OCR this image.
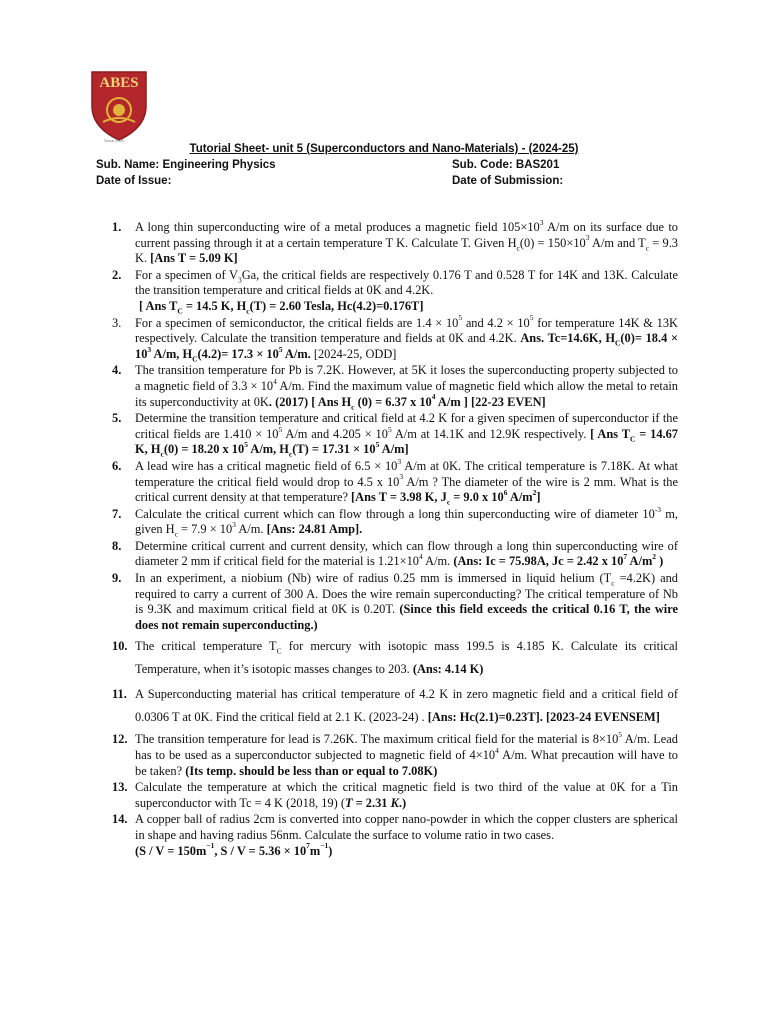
ABES
Since 2000
Tutorial Sheet- unit 5 (Superconductors and Nano-Materials) - (2024-25)
Sub. Name: Engineering Physics	Sub. Code: BAS201
Date of Issue:	Date of Submission:
1. A long thin superconducting wire of a metal produces a magnetic field $105\times 10^3$ A/m on its surface due to current passing through it at a certain temperature T K. Calculate T. Given $H_c(0) = 150\times 10^3$ A/m and $T_c = 9.3$ K. [Ans T = 5.09 K]
2. For a specimen of $V_3Ga$, the critical fields are respectively 0.176 T and 0.528 T for 14K and 13K. Calculate the transition temperature and critical fields at 0K and 4.2K.
[ Ans $T_C = 14.5$ K, $H_c(T) = 2.60$ Tesla, Hc(4.2)=0.176T]
3. For a specimen of semiconductor, the critical fields are $1.4 \times 10^5$ and $4.2 \times 10^5$ for temperature 14K & 13K respectively. Calculate the transition temperature and fields at 0K and 4.2K. Ans. Tc=14.6K, $H_C(0)= 18.4 \times 10^3$ A/m, $H_C(4.2)= 17.3 \times 10^5$ A/m. [2024-25, ODD]
4. The transition temperature for Pb is 7.2K. However, at 5K it loses the superconducting property subjected to a magnetic field of $3.3 \times 10^4$ A/m. Find the maximum value of magnetic field which allow the metal to retain its superconductivity at 0K. (2017) [ Ans $H_c$ (0) = 6.37 x $10^4$ A/m ] [22-23 EVEN]
5. Determine the transition temperature and critical field at 4.2 K for a given specimen of superconductor if the critical fields are $1.410 \times 10^5$ A/m and $4.205 \times 10^5$ A/m at 14.1K and 12.9K respectively. [ Ans $T_C = 14.67$ K, $H_c(0) = 18.20$ x $10^5$ A/m, $H_c(T) = 17.31 \times 10^5$ A/m]
6. A lead wire has a critical magnetic field of $6.5 \times 10^3$ A/m at 0K. The critical temperature is 7.18K. At what temperature the critical field would drop to 4.5 x $10^3$ A/m ? The diameter of the wire is 2 mm. What is the critical current density at that temperature? [Ans T = 3.98 K, $J_c = 9.0$ x $10^6$ $A/m^2$]
7. Calculate the critical current which can flow through a long thin superconducting wire of diameter $10^{-3}$ m, given $H_c = 7.9 \times 10^3$ A/m. [Ans: 24.81 Amp].
8. Determine critical current and current density, which can flow through a long thin superconducting wire of diameter 2 mm if critical field for the material is $1.21\times 10^4$ A/m. (Ans: Ic = 75.98A, Jc = 2.42 x $10^7$ $A/m^2$ )
9. In an experiment, a niobium (Nb) wire of radius 0.25 mm is immersed in liquid helium $(T_c =4.2K)$ and required to carry a current of 300 A. Does the wire remain superconducting? The critical temperature of Nb is 9.3K and maximum critical field at 0K is 0.20T. (Since this field exceeds the critical 0.16 T, the wire does not remain superconducting.)
10. The critical temperature $T_C$ for mercury with isotopic mass 199.5 is 4.185 K. Calculate its critical Temperature, when it’s isotopic masses changes to 203. (Ans: 4.14 K)
11. A Superconducting material has critical temperature of 4.2 K in zero magnetic field and a critical field of 0.0306 T at 0K. Find the critical field at 2.1 K. (2023-24) . [Ans: Hc(2.1)=0.23T]. [2023-24 EVENSEM]
12. The transition temperature for lead is 7.26K. The maximum critical field for the material is $8\times 10^5$ A/m. Lead has to be used as a superconductor subjected to magnetic field of $4\times 10^4$ A/m. What precaution will have to be taken? (Its temp. should be less than or equal to 7.08K)
13. Calculate the temperature at which the critical magnetic field is two third of the value at 0K for a Tin superconductor with Tc = 4 K (2018, 19) (T = 2.31 K.)
14. A copper ball of radius 2cm is converted into copper nano-powder in which the copper clusters are spherical in shape and having radius 56nm. Calculate the surface to volume ratio in two cases.
($S / V = 150m^{-1}$, $S / V = 5.36 \times 10^7m^{-1}$)
